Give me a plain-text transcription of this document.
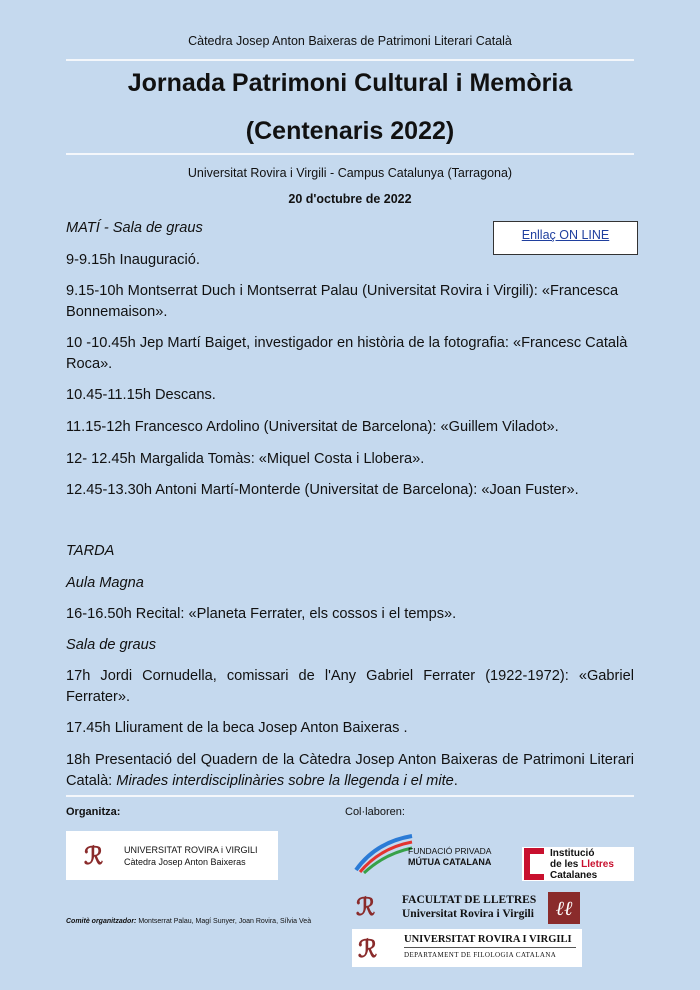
Càtedra Josep Anton Baixeras de Patrimoni Literari Català
Jornada Patrimoni Cultural i Memòria
(Centenaris 2022)
Universitat Rovira i Virgili - Campus Catalunya (Tarragona)
20 d'octubre de 2022
Enllaç ON LINE
MATÍ - Sala de graus
9-9.15h Inauguració.
9.15-10h Montserrat Duch i Montserrat Palau (Universitat Rovira i Virgili): «Francesca Bonnemaison».
10 -10.45h Jep Martí Baiget, investigador en història de la fotografia: «Francesc Català Roca».
10.45-11.15h Descans.
11.15-12h Francesco Ardolino (Universitat de Barcelona): «Guillem Viladot».
12- 12.45h Margalida Tomàs: «Miquel Costa i Llobera».
12.45-13.30h Antoni Martí-Monterde (Universitat de Barcelona): «Joan Fuster».
TARDA
Aula Magna
16-16.50h Recital: «Planeta Ferrater, els cossos i el temps».
Sala de graus
17h Jordi Cornudella, comissari de l'Any Gabriel Ferrater (1922-1972): «Gabriel Ferrater».
17.45h Lliurament de la beca Josep Anton Baixeras .
18h Presentació del Quadern de la Càtedra Josep Anton Baixeras de Patrimoni Literari Català: Mirades interdisciplinàries sobre la llegenda i el mite.
Organitza:	Col·laboren:
ℛ UNIVERSITAT ROVIRA i VIRGILI
Càtedra Josep Anton Baixeras
FUNDACIÓ PRIVADA
MÚTUA CATALANA
Institució
de les Lletres
Catalanes
Comitè organitzador: Montserrat Palau, Magí Sunyer, Joan Rovira, Sílvia Veà
ℛ FACULTAT DE LLETRES
Universitat Rovira i Virgili	ℓℓ
ℛ	UNIVERSITAT ROVIRA I VIRGILI
DEPARTAMENT DE FILOLOGIA CATALANA
